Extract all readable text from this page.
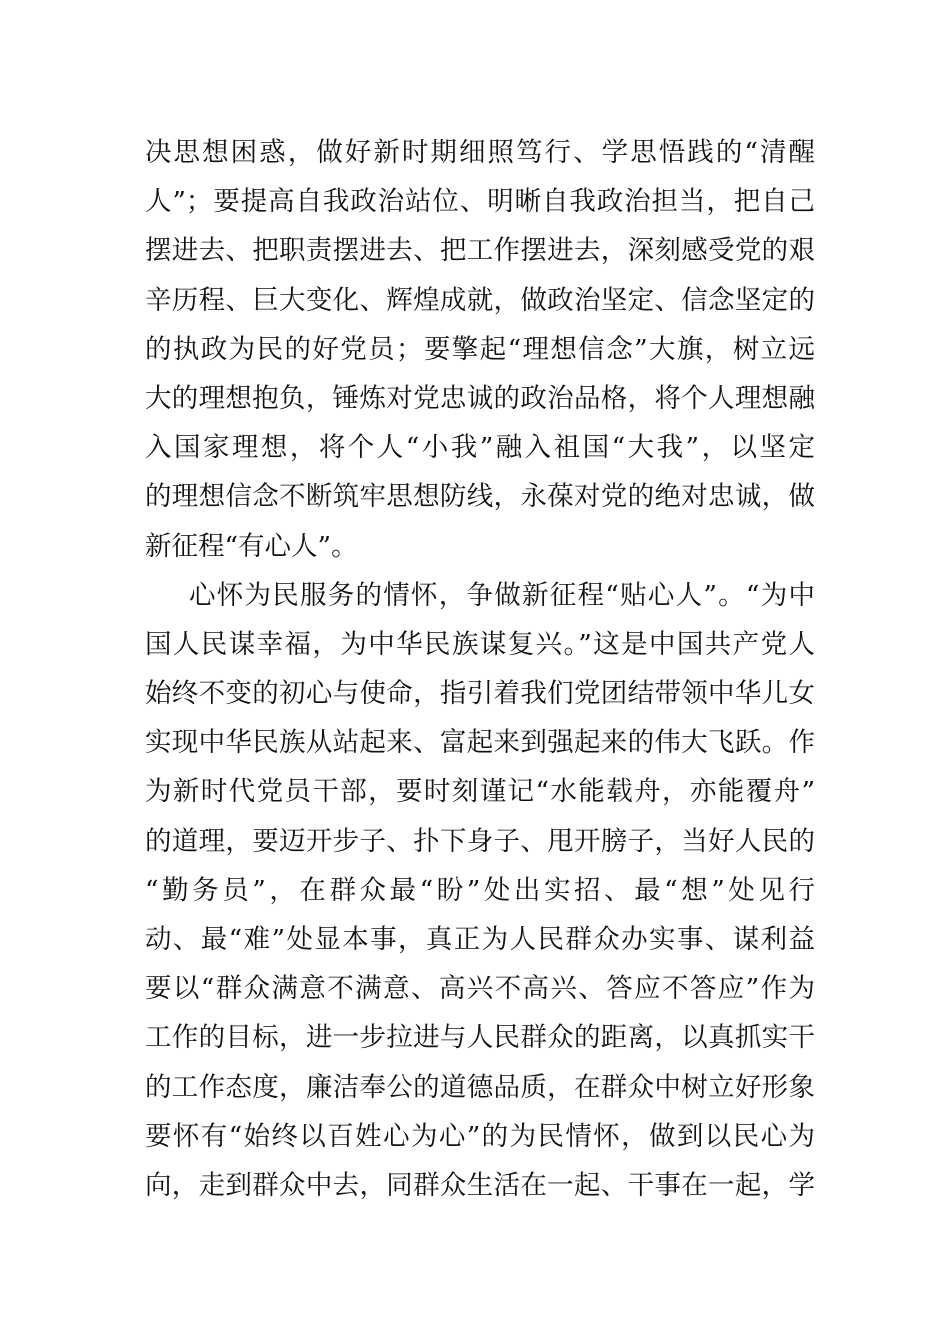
决思想困惑，做好新时期细照笃行、学思悟践的“清醒
人”；要提高自我政治站位、明晰自我政治担当，把自己
摆进去、把职责摆进去、把工作摆进去，深刻感受党的艰
辛历程、巨大变化、辉煌成就，做政治坚定、信念坚定的
的执政为民的好党员；要擎起“理想信念”大旗，树立远
大的理想抱负，锤炼对党忠诚的政治品格，将个人理想融
入国家理想，将个人“小我”融入祖国“大我”，以坚定
的理想信念不断筑牢思想防线，永葆对党的绝对忠诚，做
新征程“有心人”。
心怀为民服务的情怀，争做新征程“贴心人”。“为中
国人民谋幸福，为中华民族谋复兴。”这是中国共产党人
始终不变的初心与使命，指引着我们党团结带领中华儿女
实现中华民族从站起来、富起来到强起来的伟大飞跃。作
为新时代党员干部，要时刻谨记“水能载舟，亦能覆舟”
的道理，要迈开步子、扑下身子、甩开膀子，当好人民的
“勤务员”，在群众最“盼”处出实招、最“想”处见行
动、最“难”处显本事，真正为人民群众办实事、谋利益
要以“群众满意不满意、高兴不高兴、答应不答应”作为
工作的目标，进一步拉进与人民群众的距离，以真抓实干
的工作态度，廉洁奉公的道德品质，在群众中树立好形象
要怀有“始终以百姓心为心”的为民情怀，做到以民心为
向，走到群众中去，同群众生活在一起、干事在一起，学
